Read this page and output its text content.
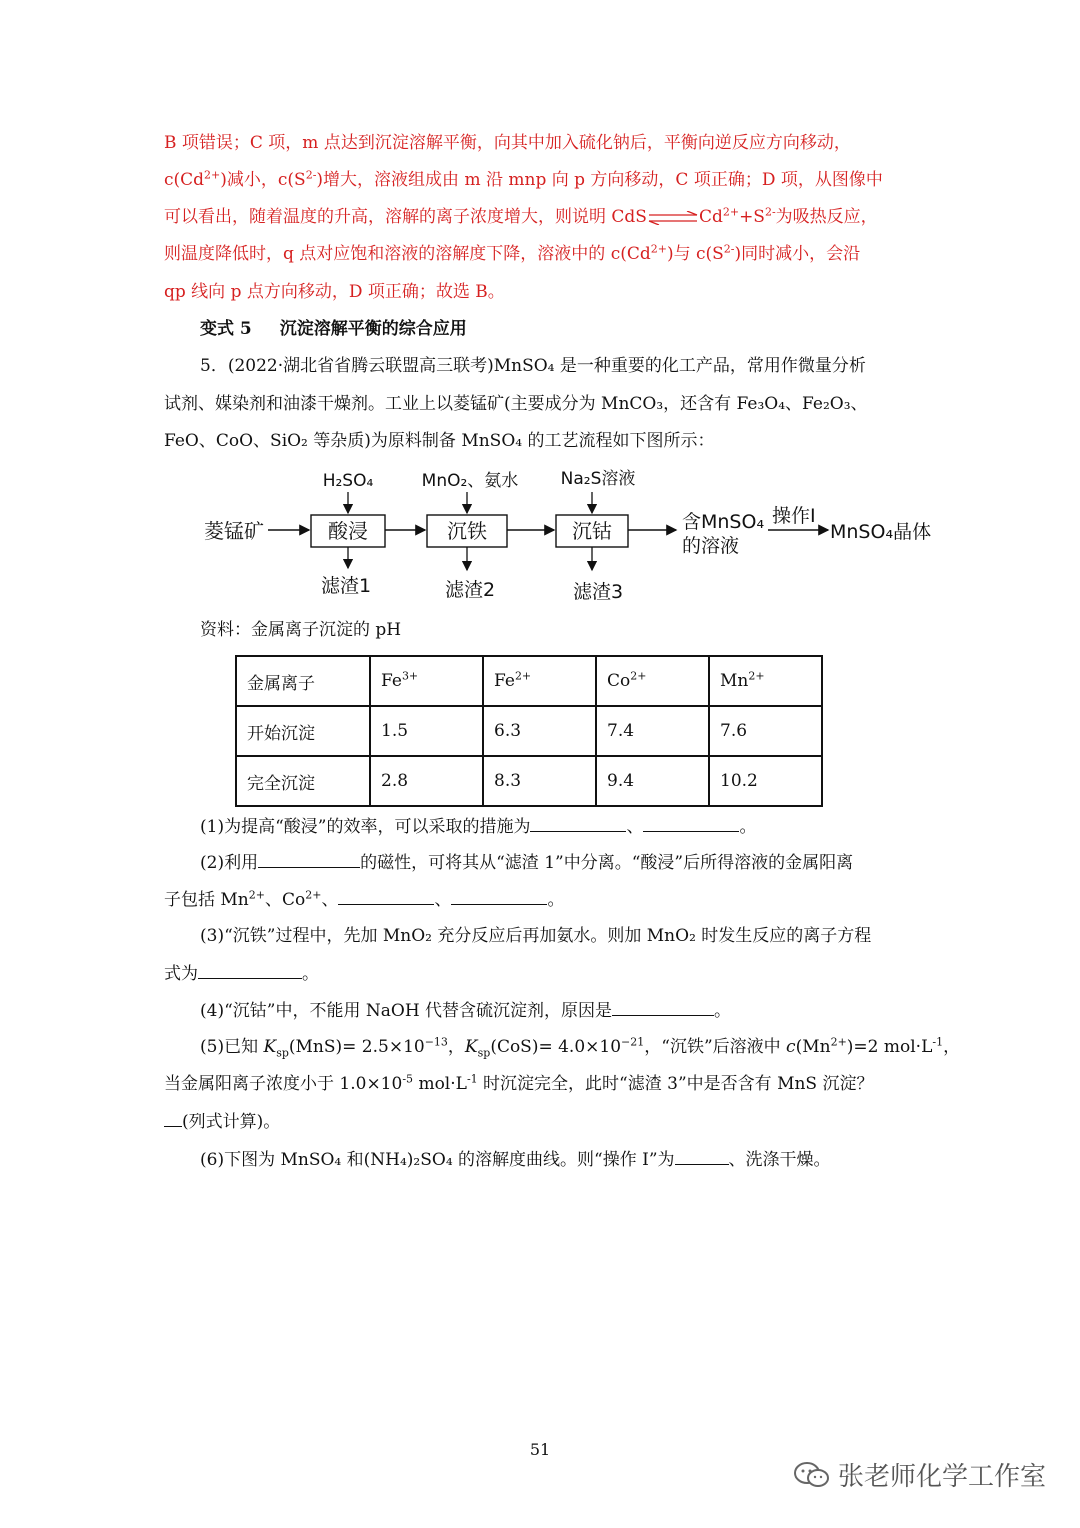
B 项错误；C 项，m 点达到沉淀溶解平衡，向其中加入硫化钠后，平衡向逆反应方向移动，
$c(Cd^{2+})$减小，$c(S^{2-})$增大，溶液组成由 m 沿 mnp 向 p 方向移动，C 项正确；D 项，从图像中
可以看出，随着温度的升高，溶解的离子浓度增大，则说明 $CdS\rightleftharpoons Cd^{2+}+S^{2-}$为吸热反应，
则温度降低时，q 点对应饱和溶液的溶解度下降，溶液中的 $c(Cd^{2+})$与 $c(S^{2-})$同时减小，会沿
qp 线向 p 点方向移动，D 项正确；故选 B。
变式 5 沉淀溶解平衡的综合应用
5．(2022·湖北省省腾云联盟高三联考)MnSO₄ 是一种重要的化工产品，常用作微量分析
试剂、媒染剂和油漆干燥剂。工业上以菱锰矿(主要成分为 MnCO₃，还含有 Fe₃O₄、Fe₂O₃、
FeO、CoO、SiO₂ 等杂质)为原料制备 MnSO₄ 的工艺流程如下图所示：
菱锰矿	酸浸	沉铁	沉钴	含MnSO₄
的溶液
操作I
MnSO₄晶体
H₂SO₄	MnO₂、氨水 Na₂S溶液
滤渣1	滤渣2	滤渣3
资料：金属离子沉淀的 pH
金属离子	$Fe^{3+}$	$Fe^{2+}$	$Co^{2+}$	$Mn^{2+}$
开始沉淀	1.5	6.3	7.4	7.6
完全沉淀	2.8	8.3	9.4	10.2
(1)为提高“酸浸”的效率，可以采取的措施为	、	。
(2)利用	的磁性，可将其从“滤渣 1”中分离。“酸浸”后所得溶液的金属阳离
子包括 $Mn^{2+}$、$Co^{2+}$、	、	。
(3)“沉铁”过程中，先加 MnO₂ 充分反应后再加氨水。则加 MnO₂ 时发生反应的离子方程
式为	。
(4)“沉钴”中，不能用 NaOH 代替含硫沉淀剂，原因是	。
(5)已知 $K_{sp}(MnS)= 2.5\times 10^{-13}$，$K_{sp}(CoS)= 4.0\times 10^{-21}$，“沉铁”后溶液中 $c(Mn^{2+})=2$ $mol\cdot L^{-1}$，
当金属阳离子浓度小于 $1.0\times 10^{-5}$ $mol\cdot L^{-1}$ 时沉淀完全，此时“滤渣 3”中是否含有 MnS 沉淀？
(列式计算)。
(6)下图为 MnSO₄ 和(NH₄)₂SO₄ 的溶解度曲线。则“操作 I”为	、洗涤干燥。
51
张老师化学工作室
